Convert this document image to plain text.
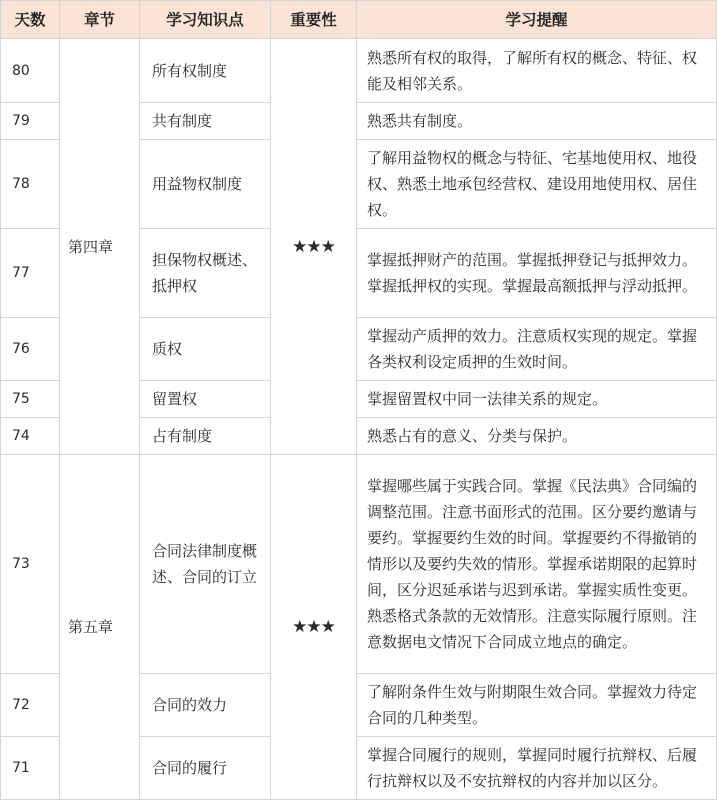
天数	章节	学习知识点	重要性	学习提醒
80	第四章	所有权制度	★★★	熟悉所有权的取得，了解所有权的概念、特征、权能及相邻关系。
79		共有制度		熟悉共有制度。
78		用益物权制度		了解用益物权的概念与特征、宅基地使用权、地役权、熟悉土地承包经营权、建设用地使用权、居住权。
77		担保物权概述、抵押权		掌握抵押财产的范围。掌握抵押登记与抵押效力。掌握抵押权的实现。掌握最高额抵押与浮动抵押。
76		质权		掌握动产质押的效力。注意质权实现的规定。掌握各类权利设定质押的生效时间。
75		留置权		掌握留置权中同一法律关系的规定。
74		占有制度		熟悉占有的意义、分类与保护。
73	第五章	合同法律制度概述、合同的订立	★★★	掌握哪些属于实践合同。掌握《民法典》合同编的调整范围。注意书面形式的范围。区分要约邀请与要约。掌握要约生效的时间。掌握要约不得撤销的情形以及要约失效的情形。掌握承诺期限的起算时间，区分迟延承诺与迟到承诺。掌握实质性变更。熟悉格式条款的无效情形。注意实际履行原则。注意数据电文情况下合同成立地点的确定。
72		合同的效力		了解附条件生效与附期限生效合同。掌握效力待定合同的几种类型。
71		合同的履行		掌握合同履行的规则，掌握同时履行抗辩权、后履行抗辩权以及不安抗辩权的内容并加以区分。
